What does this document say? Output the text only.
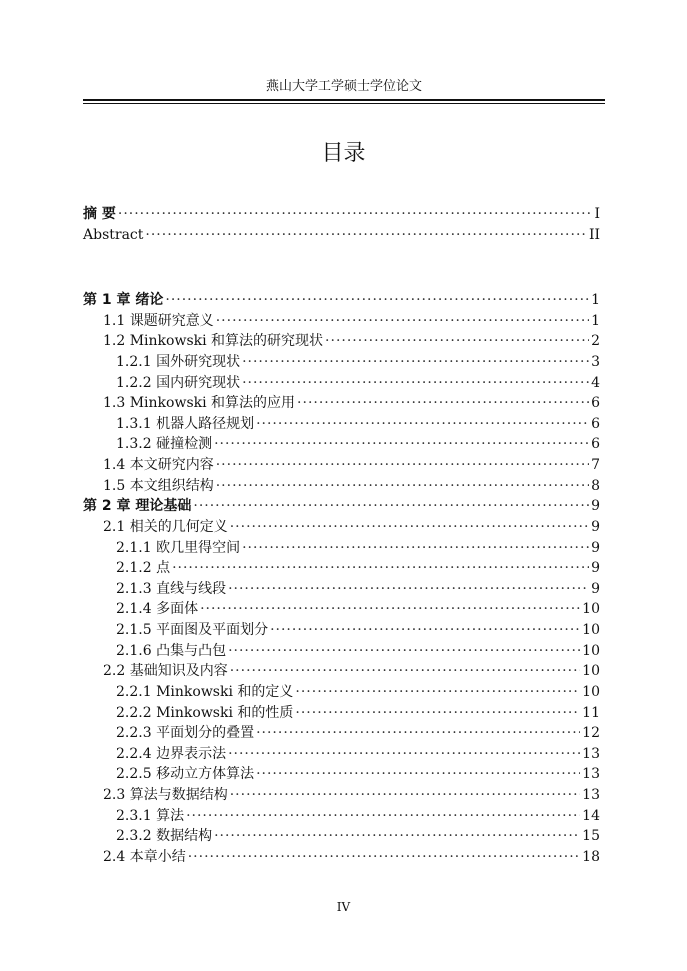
燕山大学工学硕士学位论文
目录
摘 要 ·····	I
Abstract ·····	II
第 1 章 绪论 ·····	1
1.1 课题研究意义 ·····	1
1.2 Minkowski 和算法的研究现状 ·····	2
1.2.1 国外研究现状 ·····	3
1.2.2 国内研究现状 ·····	4
1.3 Minkowski 和算法的应用 ·····	6
1.3.1 机器人路径规划 ·····	6
1.3.2 碰撞检测 ·····	6
1.4 本文研究内容 ·····	7
1.5 本文组织结构 ·····	8
第 2 章 理论基础 ·····	9
2.1 相关的几何定义 ·····	9
2.1.1 欧几里得空间 ·····	9
2.1.2 点 ·····	9
2.1.3 直线与线段 ·····	9
2.1.4 多面体 ·····	10
2.1.5 平面图及平面划分 ·····	10
2.1.6 凸集与凸包 ·····	10
2.2 基础知识及内容 ·····	10
2.2.1 Minkowski 和的定义 ·····	10
2.2.2 Minkowski 和的性质 ·····	11
2.2.3 平面划分的叠置 ·····	12
2.2.4 边界表示法 ·····	13
2.2.5 移动立方体算法 ·····	13
2.3 算法与数据结构 ·····	13
2.3.1 算法 ·····	14
2.3.2 数据结构 ·····	15
2.4 本章小结 ·····	18
IV
